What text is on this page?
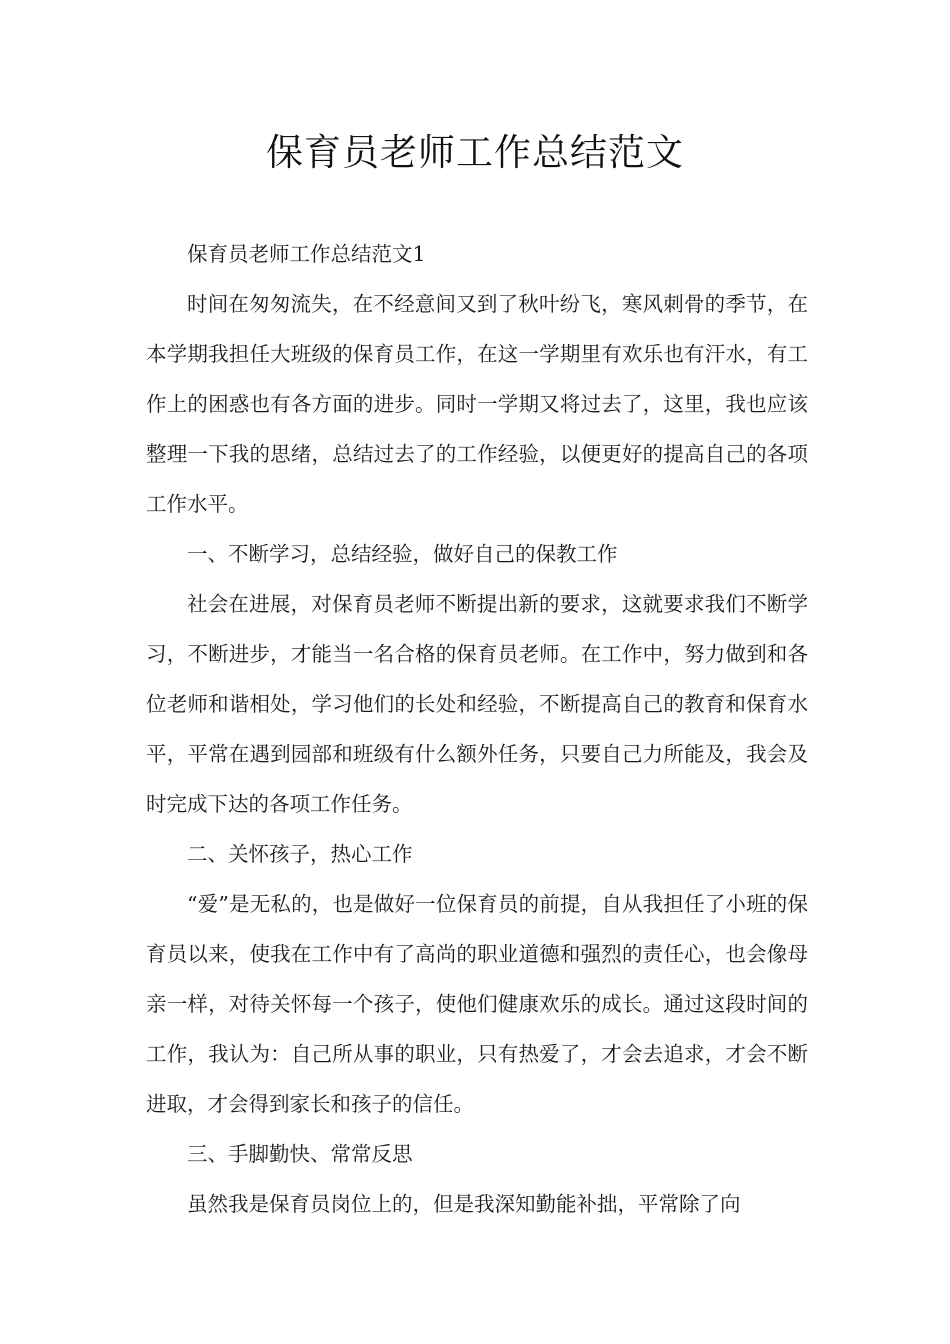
保育员老师工作总结范文

保育员老师工作总结范文1

时间在匆匆流失，在不经意间又到了秋叶纷飞，寒风刺骨的季节，在本学期我担任大班级的保育员工作，在这一学期里有欢乐也有汗水，有工作上的困惑也有各方面的进步。同时一学期又将过去了，这里，我也应该整理一下我的思绪，总结过去了的工作经验，以便更好的提高自己的各项工作水平。

一、不断学习，总结经验，做好自己的保教工作

社会在进展，对保育员老师不断提出新的要求，这就要求我们不断学习，不断进步，才能当一名合格的保育员老师。在工作中，努力做到和各位老师和谐相处，学习他们的长处和经验，不断提高自己的教育和保育水平，平常在遇到园部和班级有什么额外任务，只要自己力所能及，我会及时完成下达的各项工作任务。

二、关怀孩子，热心工作

“爱”是无私的，也是做好一位保育员的前提，自从我担任了小班的保育员以来，使我在工作中有了高尚的职业道德和强烈的责任心，也会像母亲一样，对待关怀每一个孩子，使他们健康欢乐的成长。通过这段时间的工作，我认为：自己所从事的职业，只有热爱了，才会去追求，才会不断进取，才会得到家长和孩子的信任。

三、手脚勤快、常常反思

虽然我是保育员岗位上的，但是我深知勤能补拙，平常除了向
